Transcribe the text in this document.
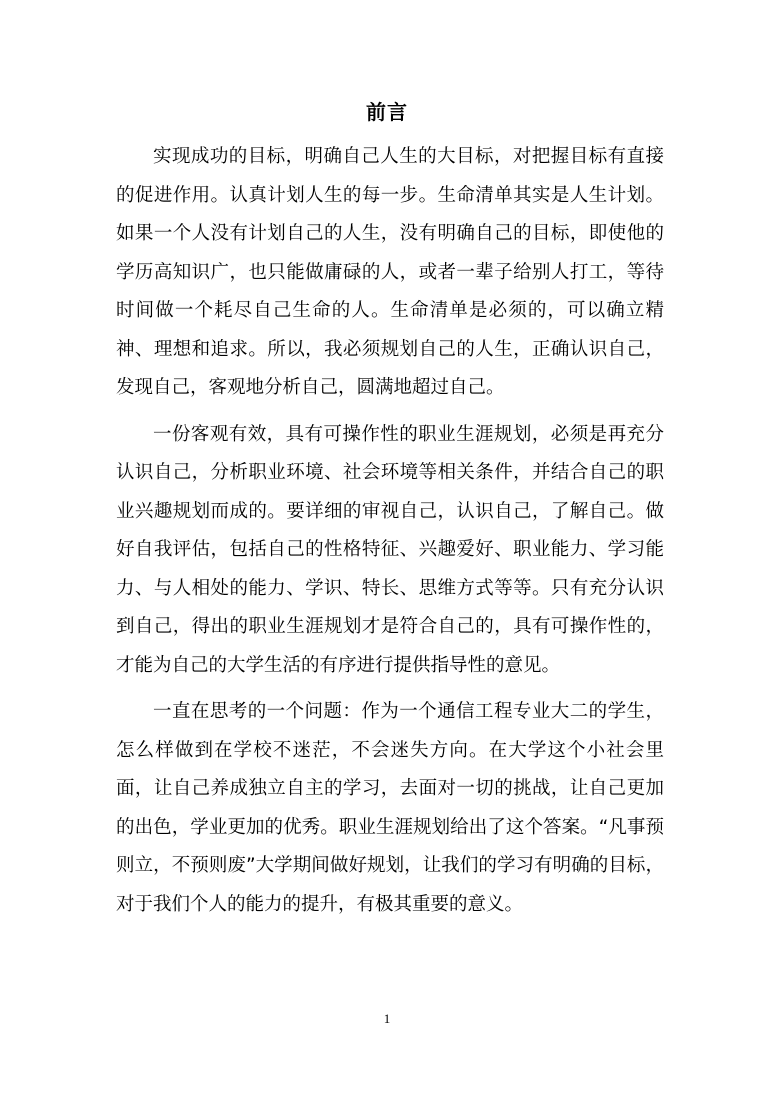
前言

实现成功的目标，明确自己人生的大目标，对把握目标有直接的促进作用。认真计划人生的每一步。生命清单其实是人生计划。如果一个人没有计划自己的人生，没有明确自己的目标，即使他的学历高知识广，也只能做庸碌的人，或者一辈子给别人打工，等待时间做一个耗尽自己生命的人。生命清单是必须的，可以确立精神、理想和追求。所以，我必须规划自己的人生，正确认识自己，发现自己，客观地分析自己，圆满地超过自己。

一份客观有效，具有可操作性的职业生涯规划，必须是再充分认识自己，分析职业环境、社会环境等相关条件，并结合自己的职业兴趣规划而成的。要详细的审视自己，认识自己，了解自己。做好自我评估，包括自己的性格特征、兴趣爱好、职业能力、学习能力、与人相处的能力、学识、特长、思维方式等等。只有充分认识到自己，得出的职业生涯规划才是符合自己的，具有可操作性的，才能为自己的大学生活的有序进行提供指导性的意见。

一直在思考的一个问题：作为一个通信工程专业大二的学生，怎么样做到在学校不迷茫，不会迷失方向。在大学这个小社会里面，让自己养成独立自主的学习，去面对一切的挑战，让自己更加的出色，学业更加的优秀。职业生涯规划给出了这个答案。“凡事预则立，不预则废”大学期间做好规划，让我们的学习有明确的目标，对于我们个人的能力的提升，有极其重要的意义。

1
